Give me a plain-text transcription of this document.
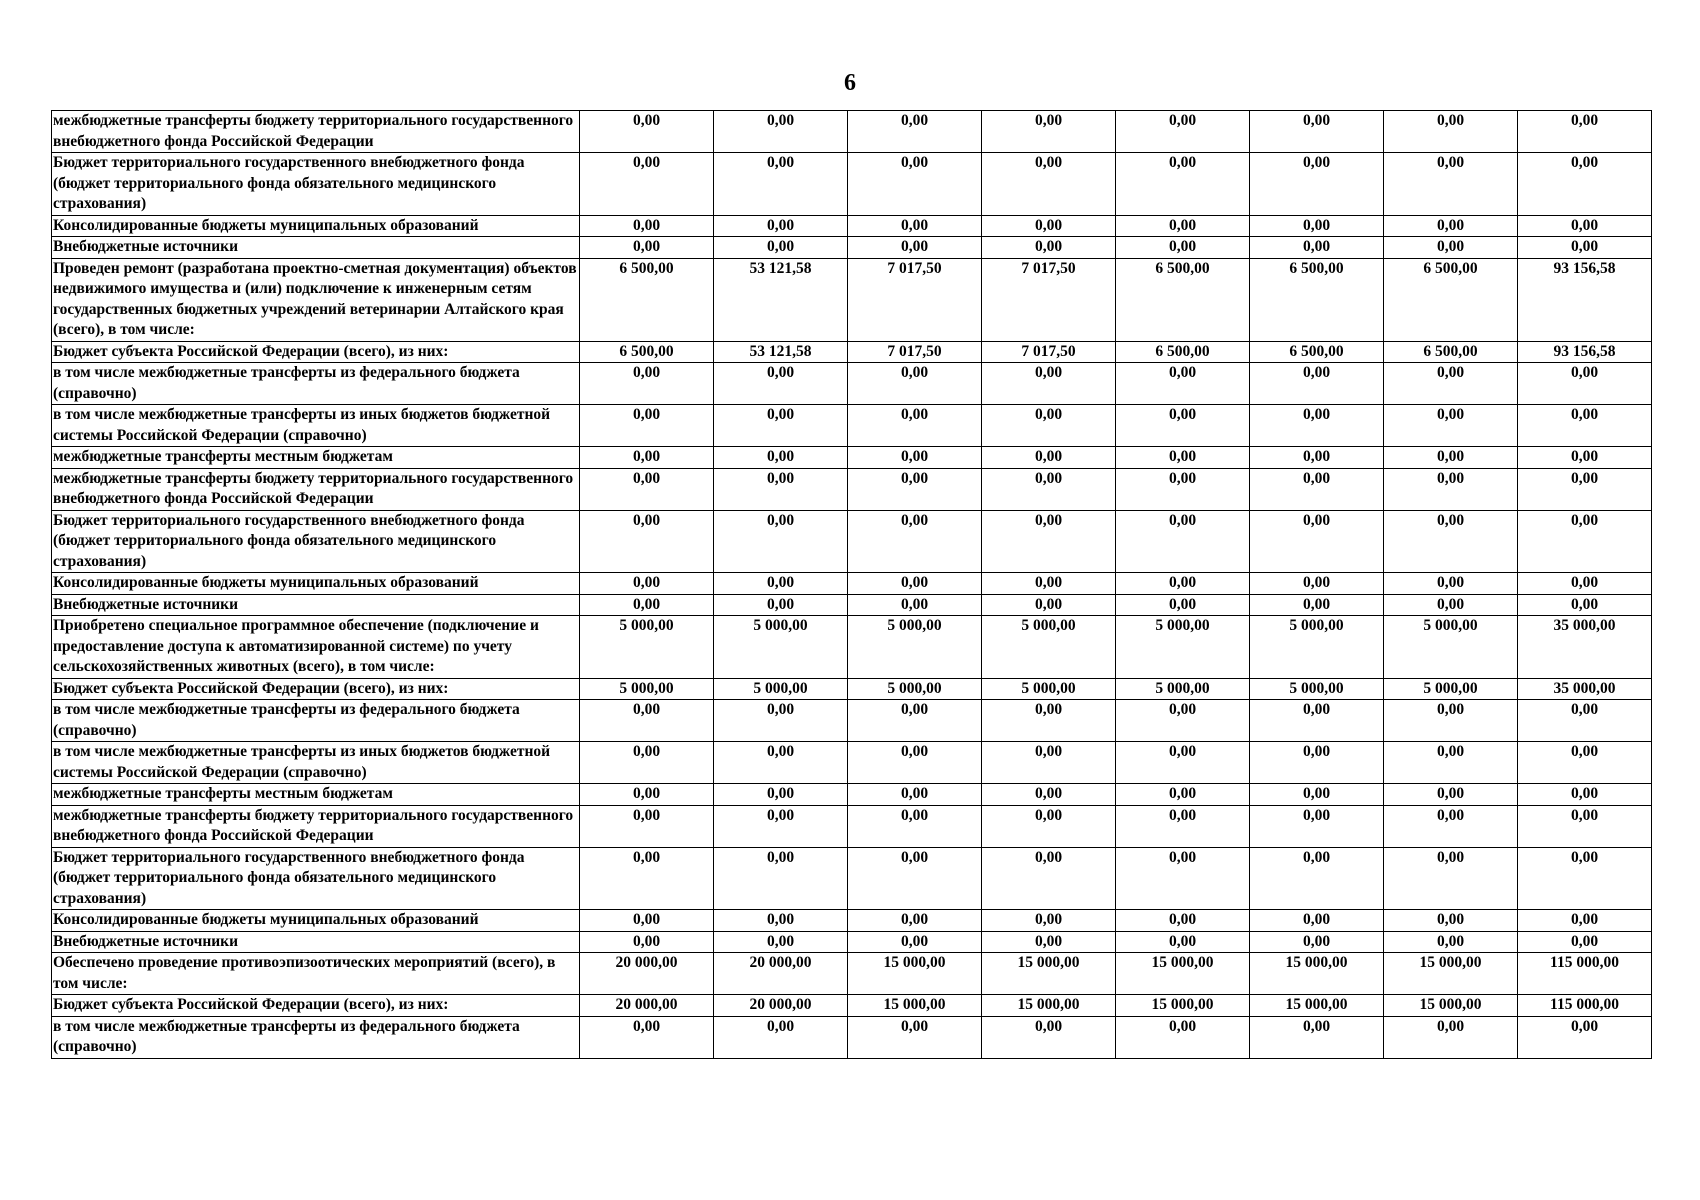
6
межбюджетные трансферты бюджету территориального государственного внебюджетного фонда Российской Федерации	0,00	0,00	0,00	0,00	0,00	0,00	0,00	0,00
Бюджет территориального государственного внебюджетного фонда (бюджет территориального фонда обязательного медицинского страхования)	0,00	0,00	0,00	0,00	0,00	0,00	0,00	0,00
Консолидированные бюджеты муниципальных образований	0,00	0,00	0,00	0,00	0,00	0,00	0,00	0,00
Внебюджетные источники	0,00	0,00	0,00	0,00	0,00	0,00	0,00	0,00
Проведен ремонт (разработана проектно-сметная документация) объектов недвижимого имущества и (или) подключение к инженерным сетям государственных бюджетных учреждений ветеринарии Алтайского края (всего), в том числе:	6 500,00	53 121,58	7 017,50	7 017,50	6 500,00	6 500,00	6 500,00	93 156,58
Бюджет субъекта Российской Федерации (всего), из них:	6 500,00	53 121,58	7 017,50	7 017,50	6 500,00	6 500,00	6 500,00	93 156,58
в том числе межбюджетные трансферты из федерального бюджета (справочно)	0,00	0,00	0,00	0,00	0,00	0,00	0,00	0,00
в том числе межбюджетные трансферты из иных бюджетов бюджетной системы Российской Федерации (справочно)	0,00	0,00	0,00	0,00	0,00	0,00	0,00	0,00
межбюджетные трансферты местным бюджетам	0,00	0,00	0,00	0,00	0,00	0,00	0,00	0,00
межбюджетные трансферты бюджету территориального государственного внебюджетного фонда Российской Федерации	0,00	0,00	0,00	0,00	0,00	0,00	0,00	0,00
Бюджет территориального государственного внебюджетного фонда (бюджет территориального фонда обязательного медицинского страхования)	0,00	0,00	0,00	0,00	0,00	0,00	0,00	0,00
Консолидированные бюджеты муниципальных образований	0,00	0,00	0,00	0,00	0,00	0,00	0,00	0,00
Внебюджетные источники	0,00	0,00	0,00	0,00	0,00	0,00	0,00	0,00
Приобретено специальное программное обеспечение (подключение и предоставление доступа к автоматизированной системе) по учету сельскохозяйственных животных (всего), в том числе:	5 000,00	5 000,00	5 000,00	5 000,00	5 000,00	5 000,00	5 000,00	35 000,00
Бюджет субъекта Российской Федерации (всего), из них:	5 000,00	5 000,00	5 000,00	5 000,00	5 000,00	5 000,00	5 000,00	35 000,00
в том числе межбюджетные трансферты из федерального бюджета (справочно)	0,00	0,00	0,00	0,00	0,00	0,00	0,00	0,00
в том числе межбюджетные трансферты из иных бюджетов бюджетной системы Российской Федерации (справочно)	0,00	0,00	0,00	0,00	0,00	0,00	0,00	0,00
межбюджетные трансферты местным бюджетам	0,00	0,00	0,00	0,00	0,00	0,00	0,00	0,00
межбюджетные трансферты бюджету территориального государственного внебюджетного фонда Российской Федерации	0,00	0,00	0,00	0,00	0,00	0,00	0,00	0,00
Бюджет территориального государственного внебюджетного фонда (бюджет территориального фонда обязательного медицинского страхования)	0,00	0,00	0,00	0,00	0,00	0,00	0,00	0,00
Консолидированные бюджеты муниципальных образований	0,00	0,00	0,00	0,00	0,00	0,00	0,00	0,00
Внебюджетные источники	0,00	0,00	0,00	0,00	0,00	0,00	0,00	0,00
Обеспечено проведение противоэпизоотических мероприятий (всего), в том числе:	20 000,00	20 000,00	15 000,00	15 000,00	15 000,00	15 000,00	15 000,00	115 000,00
Бюджет субъекта Российской Федерации (всего), из них:	20 000,00	20 000,00	15 000,00	15 000,00	15 000,00	15 000,00	15 000,00	115 000,00
в том числе межбюджетные трансферты из федерального бюджета (справочно)	0,00	0,00	0,00	0,00	0,00	0,00	0,00	0,00
